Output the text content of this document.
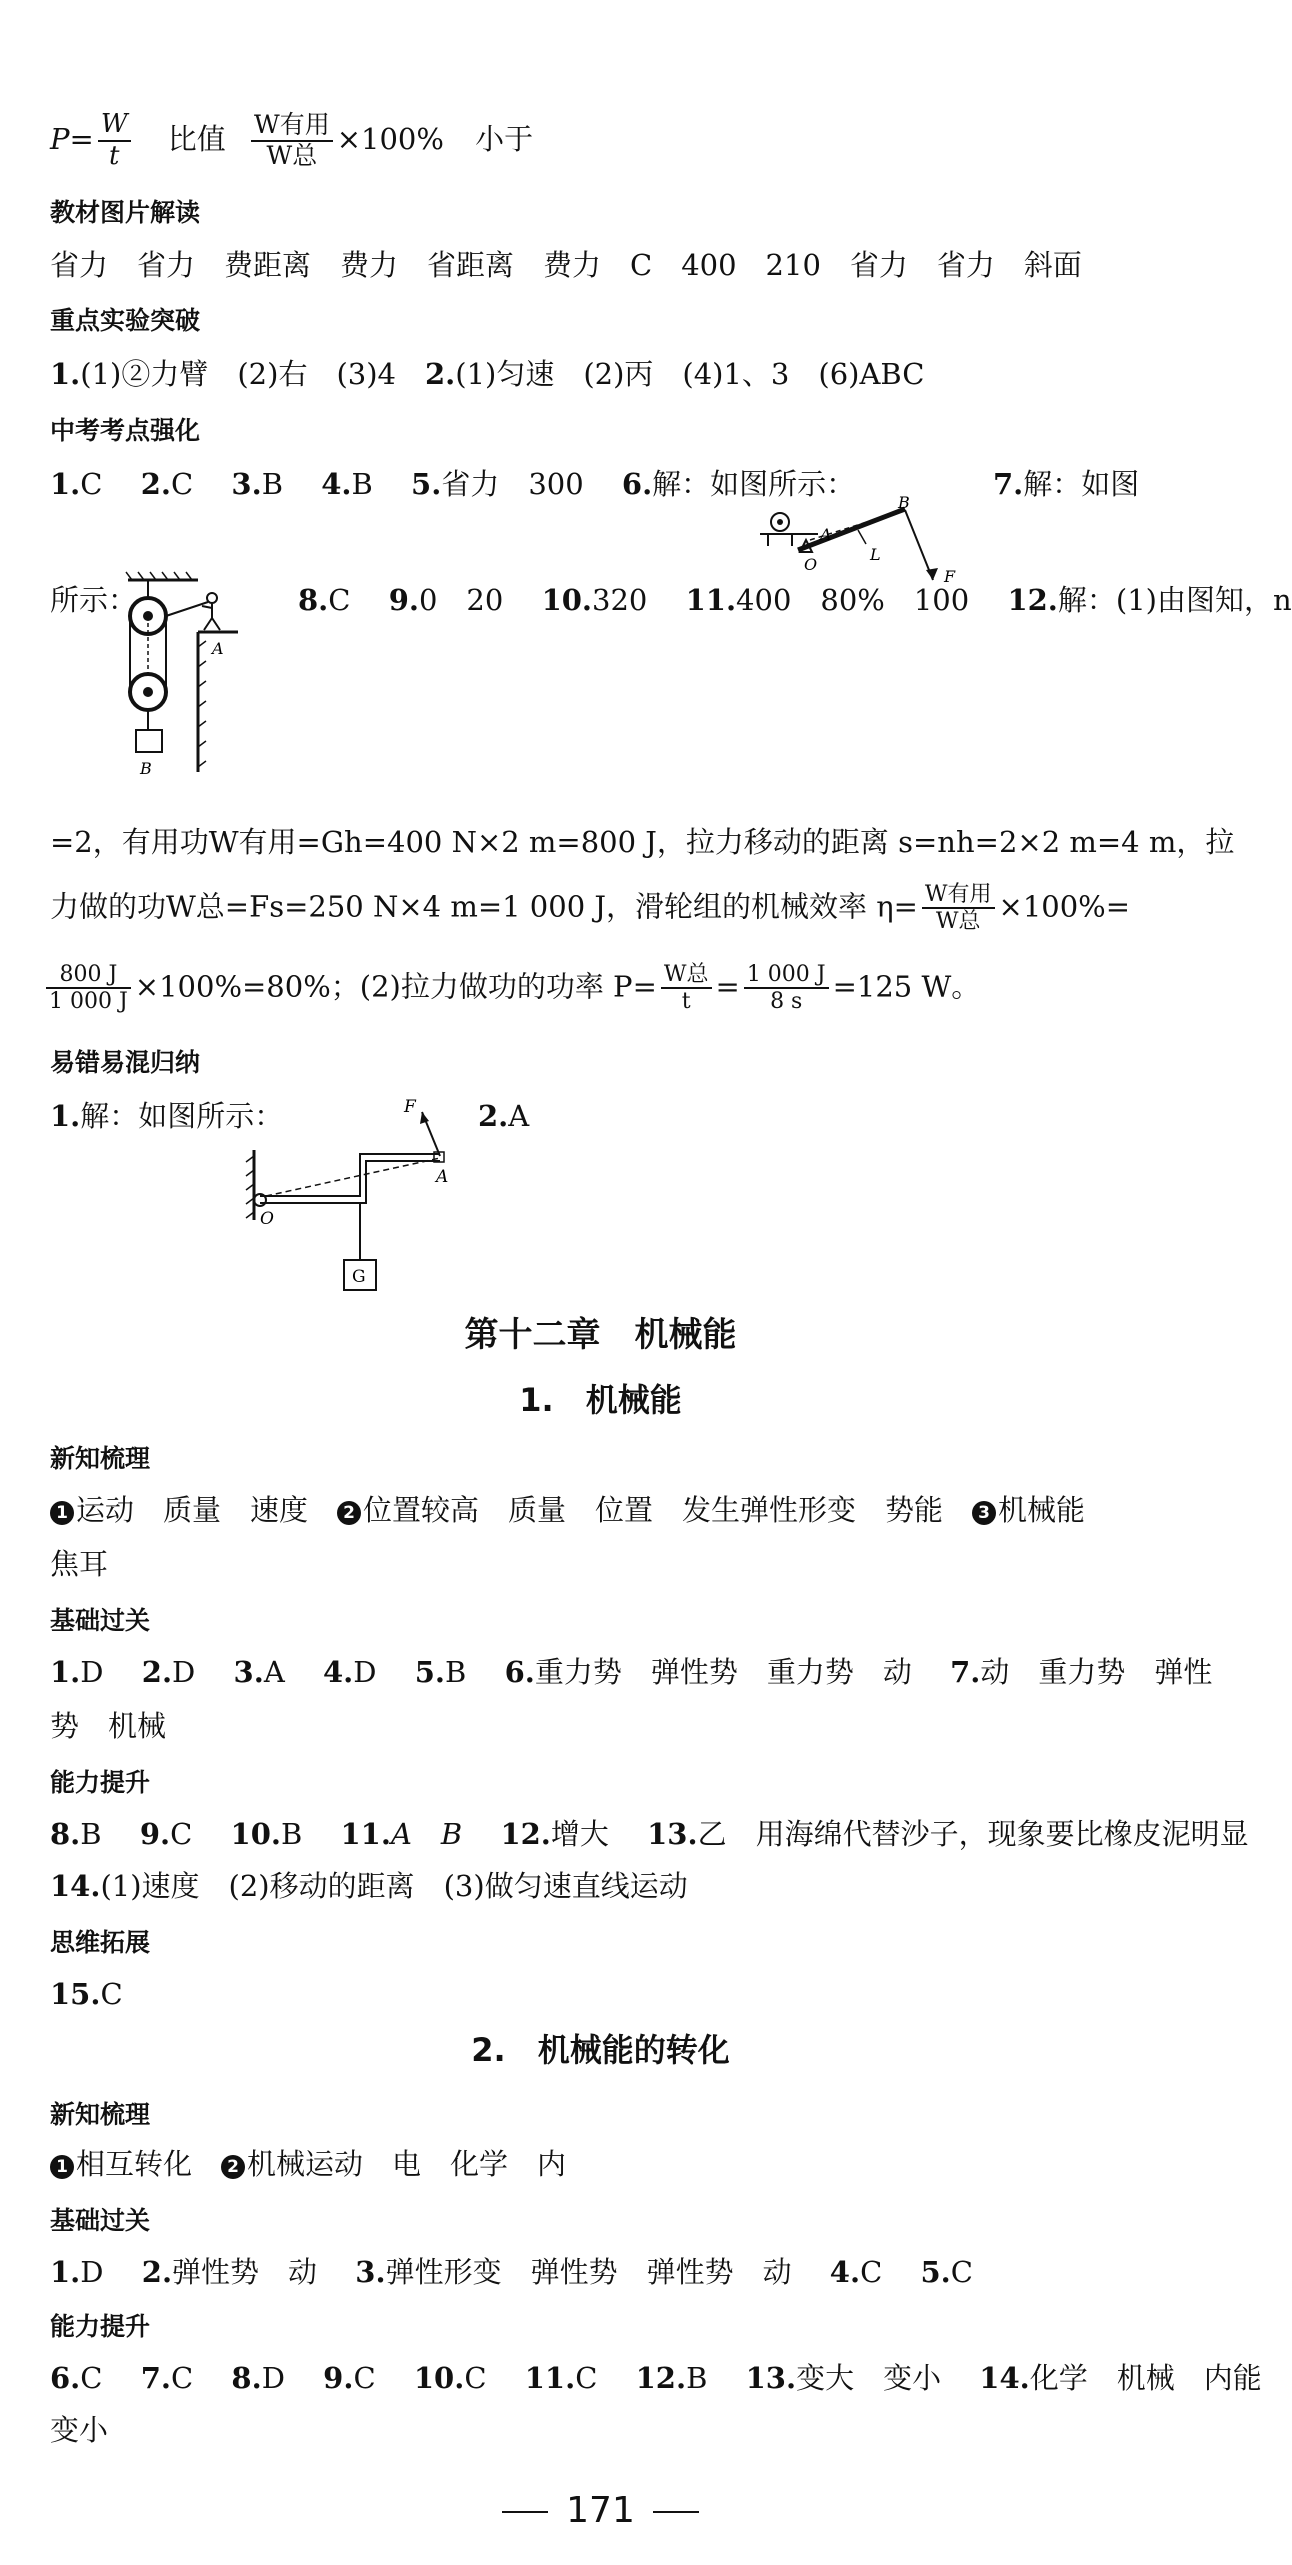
$P= \frac{W}{t}$ 比值 $\frac{\text{W有用}}{\text{W总}} \times 100\%$ 小于
教材图片解读
省力　省力　费距离　费力　省距离　费力　C　400　210　省力　省力　斜面
重点实验突破
1.(1)②力臂　(2)右　(3)4　2.(1)匀速　(2)丙　(4)1、3　(6)ABC
中考考点强化
1.C　 2.C　 3.B　 4.B　 5.省力　300　 6.解：如图所示：	7.解：如图
A
B
O
L
F
所示：	8.C　 9.0　20　 10.320　 11.400　80%　100　 12.解：(1)由图知，n
A
B
=2，有用功W有用=Gh=400 N×2 m=800 J，拉力移动的距离 s=nh=2×2 m=4 m，拉
力做的功W总=Fs=250 N×4 m=1 000 J，滑轮组的机械效率 $\eta= \frac{\text{W有用}}{\text{W总}} \times 100\%=$
$\frac{800 J}{1 000 J} \times 100\%=80\%$；(2)拉力做功的功率 $P= \frac{\text{W总}}{t} = \frac{1 000 J}{8 s} =125$ W。
易错易混归纳
1.解：如图所示：	2.A
F
A
O
G
第十二章　机械能
1.　机械能
新知梳理
1 运动　质量　速度　2 位置较高　质量　位置　发生弹性形变　势能　3 机械能
焦耳
基础过关
1.D　 2.D　 3.A　 4.D　 5.B　 6.重力势　弹性势　重力势　动　 7.动　重力势　弹性
势　机械
能力提升
8.B　 9.C　 10.B　 11.A　B　 12.增大　 13.乙　用海绵代替沙子，现象要比橡皮泥明显
14.(1)速度　(2)移动的距离　(3)做匀速直线运动
思维拓展
15.C
2.　机械能的转化
新知梳理
1 相互转化　2 机械运动　电　化学　内
基础过关
1.D　 2.弹性势　动　 3.弹性形变　弹性势　弹性势　动　 4.C　 5.C
能力提升
6.C　 7.C　 8.D　 9.C　 10.C　 11.C　 12.B　 13.变大　变小　 14.化学　机械　内能
变小
171
